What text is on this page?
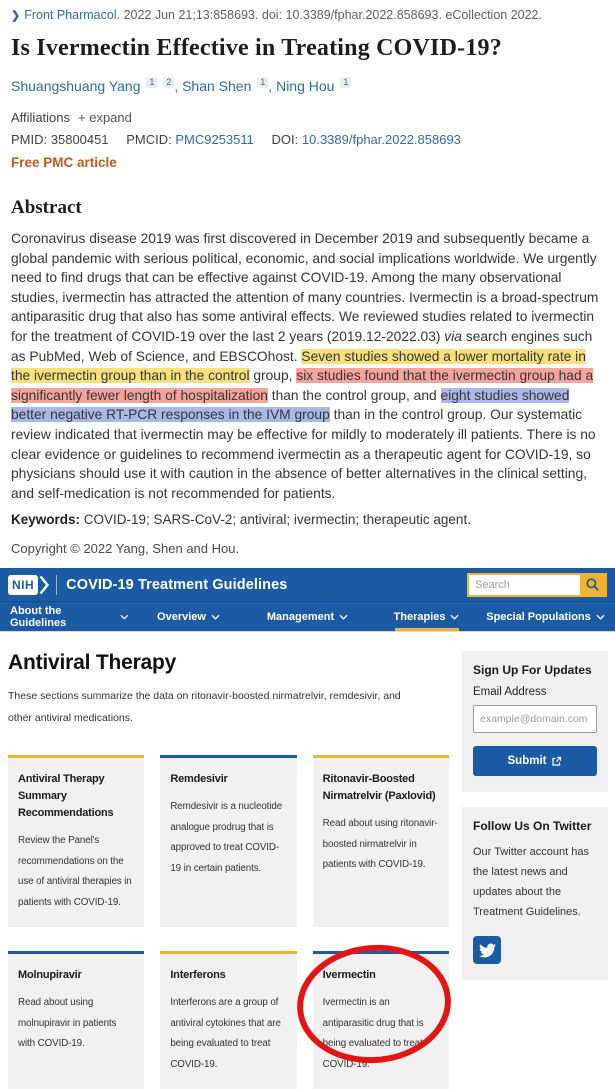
❯ Front Pharmacol. 2022 Jun 21;13:858693. doi: 10.3389/fphar.2022.858693. eCollection 2022.
Is Ivermectin Effective in Treating COVID-19?
Shuangshuang Yang 1 2 , Shan Shen 1 , Ning Hou 1
Affiliations + expand
PMID: 35800451 PMCID: PMC9253511 DOI: 10.3389/fphar.2022.858693
Free PMC article
Abstract

Coronavirus disease 2019 was first discovered in December 2019 and subsequently became a global pandemic with serious political, economic, and social implications worldwide. We urgently need to find drugs that can be effective against COVID-19. Among the many observational studies, ivermectin has attracted the attention of many countries. Ivermectin is a broad-spectrum antiparasitic drug that also has some antiviral effects. We reviewed studies related to ivermectin for the treatment of COVID-19 over the last 2 years (2019.12-2022.03) via search engines such as PubMed, Web of Science, and EBSCOhost. Seven studies showed a lower mortality rate in the ivermectin group than in the control group, six studies found that the ivermectin group had a significantly fewer length of hospitalization than the control group, and eight studies showed better negative RT-PCR responses in the IVM group than in the control group. Our systematic review indicated that ivermectin may be effective for mildly to moderately ill patients. There is no clear evidence or guidelines to recommend ivermectin as a therapeutic agent for COVID-19, so physicians should use it with caution in the absence of better alternatives in the clinical setting, and self-medication is not recommended for patients.

Keywords: COVID-19; SARS-CoV-2; antiviral; ivermectin; therapeutic agent.

Copyright © 2022 Yang, Shen and Hou.

NIH COVID-19 Treatment Guidelines
Search
About the Guidelines	Overview	Management	Therapies	Special Populations
Antiviral Therapy

These sections summarize the data on ritonavir-boosted nirmatrelvir, remdesivir, and other antiviral medications.

Antiviral Therapy Summary Recommendations

Review the Panel's recommendations on the use of antiviral therapies in patients with COVID-19.

Remdesivir

Remdesivir is a nucleotide analogue prodrug that is approved to treat COVID-19 in certain patients.

Ritonavir-Boosted Nirmatrelvir (Paxlovid)

Read about using ritonavir-boosted nirmatrelvir in patients with COVID-19.

Molnupiravir

Read about using molnupiravir in patients with COVID-19.

Interferons

Interferons are a group of antiviral cytokines that are being evaluated to treat COVID-19.

Ivermectin

Ivermectin is an antiparasitic drug that is being evaluated to treat COVID-19.

Sign Up For Updates
Email Address
example@domain.com
Submit
Follow Us On Twitter

Our Twitter account has the latest news and updates about the Treatment Guidelines.
